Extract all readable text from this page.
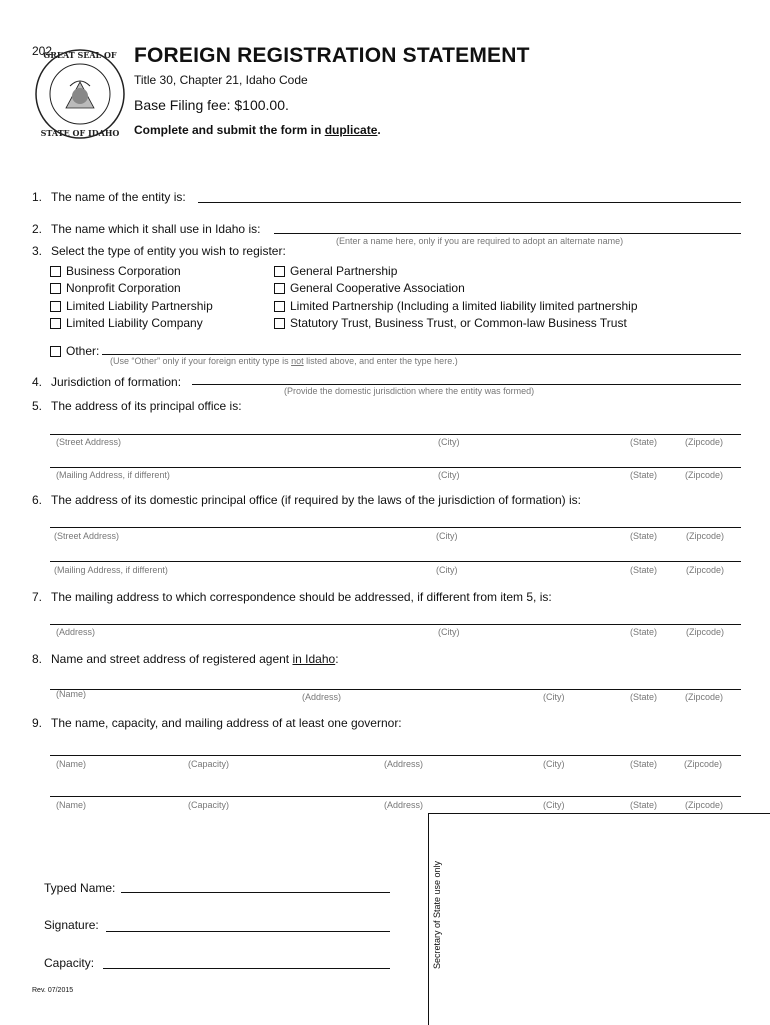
202
GREAT SEAL OF
STATE OF IDAHO
FOREIGN REGISTRATION STATEMENT
Title 30, Chapter 21, Idaho Code
Base Filing fee: $100.00.
Complete and submit the form in duplicate.
1. The name of the entity is:
2. The name which it shall use in Idaho is:
(Enter a name here, only if you are required to adopt an alternate name)
3. Select the type of entity you wish to register:
Business Corporation
Nonprofit Corporation
Limited Liability Partnership
Limited Liability Company
General Partnership
General Cooperative Association
Limited Partnership (Including a limited liability limited partnership
Statutory Trust, Business Trust, or Common-law Business Trust
Other:
(Use “Other” only if your foreign entity type is not listed above, and enter the type here.)
4. Jurisdiction of formation:
(Provide the domestic jurisdiction where the entity was formed)
5. The address of its principal office is:
(Street Address)	(City)	(State)	(Zipcode)
(Mailing Address, if different)	(City)	(State)	(Zipcode)
6. The address of its domestic principal office (if required by the laws of the jurisdiction of formation) is:
(Street Address)	(City)	(State)	(Zipcode)
(Mailing Address, if different)	(City)	(State)	(Zipcode)
7. The mailing address to which correspondence should be addressed, if different from item 5, is:
(Address)	(City)	(State)	(Zipcode)
8. Name and street address of registered agent in Idaho:
(Name)	(Address)	(City)	(State)	(Zipcode)
9. The name, capacity, and mailing address of at least one governor:
(Name)	(Capacity)	(Address)	(City)	(State)	(Zipcode)
(Name)	(Capacity)	(Address)	(City)	(State)	(Zipcode)
Typed Name:
Signature:
Capacity:	Secretary of State use only
Rev. 07/2015
